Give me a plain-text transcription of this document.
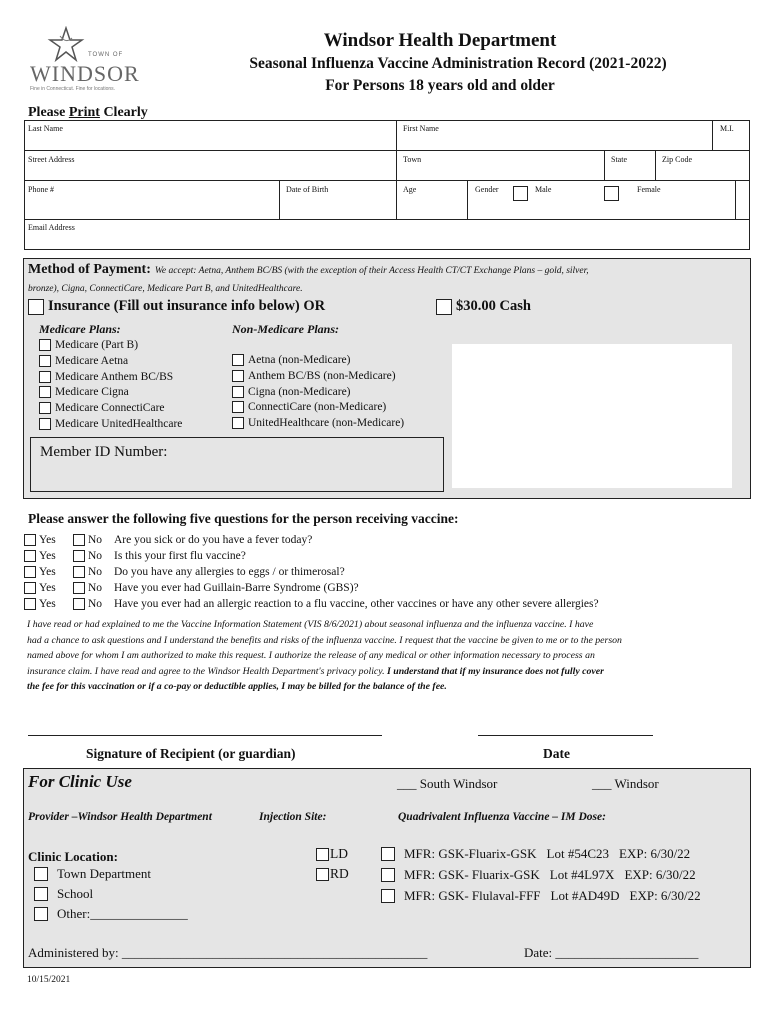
TOWN OF
WINDSOR
Fine in Connecticut. Fine for locations.
Windsor Health Department
Seasonal Influenza Vaccine Administration Record (2021-2022)
For Persons 18 years old and older
Please Print Clearly
Last Name	First Name	M.I.
Street Address	Town	State	Zip Code
Phone #	Date of Birth	Age	Gender	Male	Female
Email Address
Method of Payment: We accept: Aetna, Anthem BC/BS (with the exception of their Access Health CT/CT Exchange Plans – gold, silver,
bronze), Cigna, ConnectiCare, Medicare Part B, and UnitedHealthcare.
Insurance (Fill out insurance info below) OR	$30.00 Cash
Medicare Plans:	Non-Medicare Plans:
Medicare (Part B)
Medicare Aetna
Medicare Anthem BC/BS
Medicare Cigna
Medicare ConnectiCare
Medicare UnitedHealthcare
Aetna (non-Medicare)
Anthem BC/BS (non-Medicare)
Cigna (non-Medicare)
ConnectiCare (non-Medicare)
UnitedHealthcare (non-Medicare)
Member ID Number:
Please answer the following five questions for the person receiving vaccine:
Yes	No Are you sick or do you have a fever today?
Yes	No Is this your first flu vaccine?
Yes	No Do you have any allergies to eggs / or thimerosal?
Yes	No Have you ever had Guillain-Barre Syndrome (GBS)?
Yes	No Have you ever had an allergic reaction to a flu vaccine, other vaccines or have any other severe allergies?
I have read or had explained to me the Vaccine Information Statement (VIS 8/6/2021) about seasonal influenza and the influenza vaccine. I have
had a chance to ask questions and I understand the benefits and risks of the influenza vaccine. I request that the vaccine be given to me or to the person
named above for whom I am authorized to make this request. I authorize the release of any medical or other information necessary to process an
insurance claim. I have read and agree to the Windsor Health Department's privacy policy. I understand that if my insurance does not fully cover
the fee for this vaccination or if a co-pay or deductible applies, I may be billed for the balance of the fee.
Signature of Recipient (or guardian)	Date
For Clinic Use	___ South Windsor	___ Windsor
Provider –Windsor Health Department	Injection Site:	Quadrivalent Influenza Vaccine – IM Dose:
Clinic Location:
Town Department
School
Other:_______________
LD
RD
MFR: GSK-Fluarix-GSK Lot #54C23 EXP: 6/30/22
MFR: GSK- Fluarix-GSK Lot #4L97X EXP: 6/30/22
MFR: GSK- Flulaval-FFF Lot #AD49D EXP: 6/30/22
Administered by: _______________________________________________	Date: ______________________
10/15/2021
